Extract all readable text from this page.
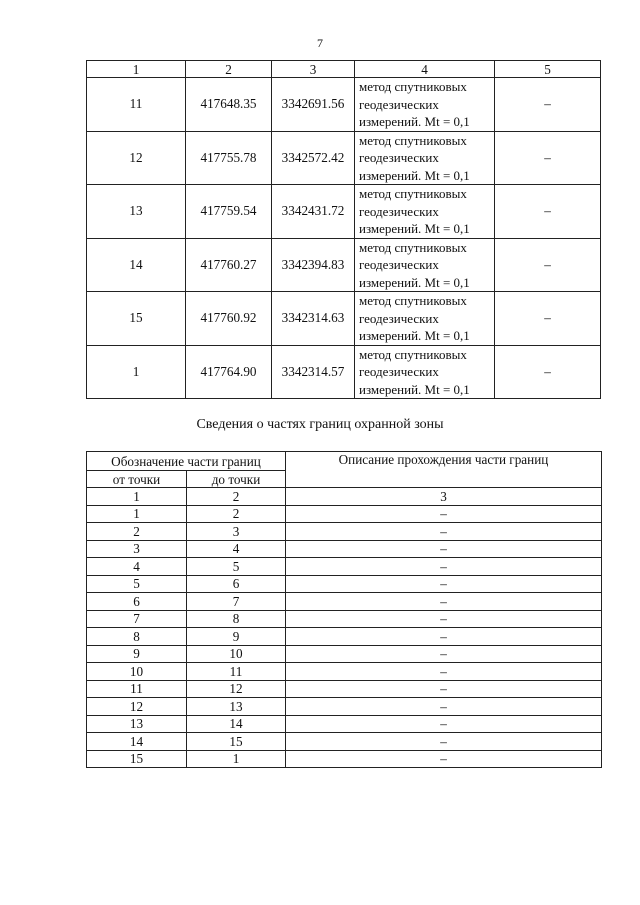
7
1	2	3	4	5
11	417648.35	3342691.56	метод спутниковых
геодезических
измерений. Mt = 0,1	–
12	417755.78	3342572.42	метод спутниковых
геодезических
измерений. Mt = 0,1	–
13	417759.54	3342431.72	метод спутниковых
геодезических
измерений. Mt = 0,1	–
14	417760.27	3342394.83	метод спутниковых
геодезических
измерений. Mt = 0,1	–
15	417760.92	3342314.63	метод спутниковых
геодезических
измерений. Mt = 0,1	–
1	417764.90	3342314.57	метод спутниковых
геодезических
измерений. Mt = 0,1	–
Сведения о частях границ охранной зоны
Обозначение части границ		Описание прохождения части границ
от точки	до точки	
1	2	3
1	2	–
2	3	–
3	4	–
4	5	–
5	6	–
6	7	–
7	8	–
8	9	–
9	10	–
10	11	–
11	12	–
12	13	–
13	14	–
14	15	–
15	1	–
